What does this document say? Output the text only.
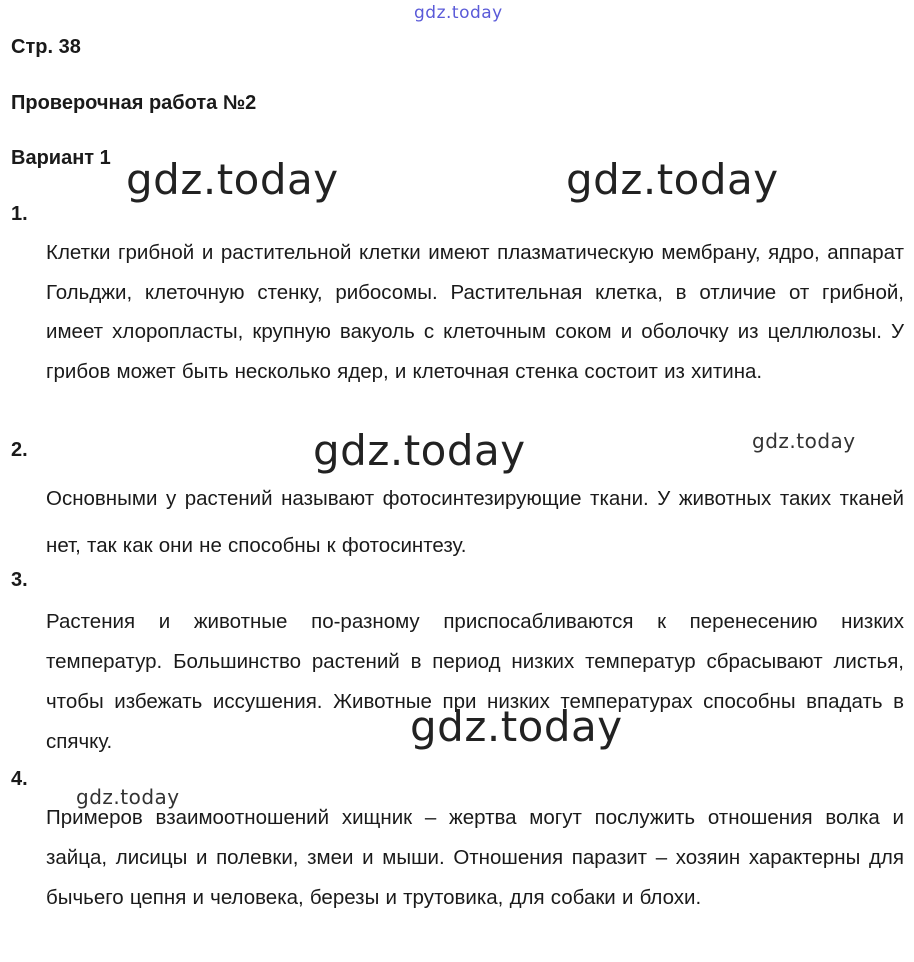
Стр. 38
Проверочная работа №2
Вариант 1
1.

Клетки грибной и растительной клетки имеют плазматическую мембрану, ядро, аппарат Гольджи, клеточную стенку, рибосомы. Растительная клетка, в отличие от грибной, имеет хлоропласты, крупную вакуоль с клеточным соком и оболочку из целлюлозы. У грибов может быть несколько ядер, и клеточная стенка состоит из хитина.

2.

Основными у растений называют фотосинтезирующие ткани. У животных таких тканей нет, так как они не способны к фотосинтезу.

3.

Растения и животные по-разному приспосабливаются к перенесению низких температур. Большинство растений в период низких температур сбрасывают листья, чтобы избежать иссушения. Животные при низких температурах способны впадать в спячку.

4.

Примеров взаимоотношений хищник – жертва могут послужить отношения волка и зайца, лисицы и полевки, змеи и мыши. Отношения паразит – хозяин характерны для бычьего цепня и человека, березы и трутовика, для собаки и блохи.

gdz.today
gdz.today	gdz.today
gdz.today	gdz.today
gdz.today
gdz.today
